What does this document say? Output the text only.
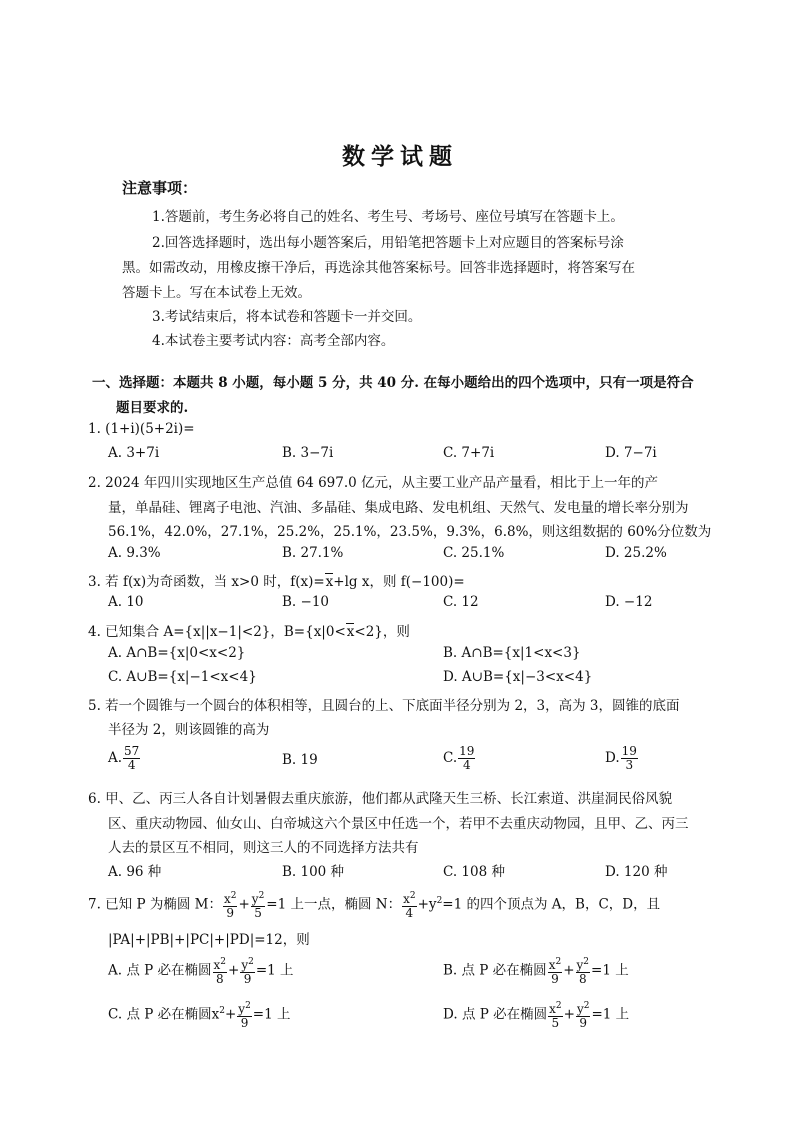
数学试题
注意事项：
1.答题前，考生务必将自己的姓名、考生号、考场号、座位号填写在答题卡上。
2.回答选择题时，选出每小题答案后，用铅笔把答题卡上对应题目的答案标号涂
黑。如需改动，用橡皮擦干净后，再选涂其他答案标号。回答非选择题时，将答案写在
答题卡上。写在本试卷上无效。
3.考试结束后，将本试卷和答题卡一并交回。
4.本试卷主要考试内容：高考全部内容。
一、选择题：本题共 8 小题，每小题 5 分，共 40 分. 在每小题给出的四个选项中，只有一项是符合
题目要求的.
1. (1+i)(5+2i)=
A. 3+7i	B. 3−7i	C. 7+7i	D. 7−7i
2. 2024 年四川实现地区生产总值 64 697.0 亿元，从主要工业产品产量看，相比于上一年的产
量，单晶硅、锂离子电池、汽油、多晶硅、集成电路、发电机组、天然气、发电量的增长率分别为
56.1%，42.0%，27.1%，25.2%，25.1%，23.5%，9.3%，6.8%，则这组数据的 60%分位数为
A. 9.3%	B. 27.1%	C. 25.1%	D. 25.2%
3. 若 f(x)为奇函数，当 x>0 时，f(x)=x+lg x，则 f(−100)=
A. 10	B. −10	C. 12	D. −12
4. 已知集合 A={x||x−1|<2}，B={x|0<x<2}，则
A. A∩B={x|0<x<2}	B. A∩B={x|1<x<3}
C. A∪B={x|−1<x<4}	D. A∪B={x|−3<x<4}
5. 若一个圆锥与一个圆台的体积相等，且圆台的上、下底面半径分别为 2，3，高为 3，圆锥的底面
半径为 2，则该圆锥的高为
A. $\frac{57}{4}$	B. 19	C. $\frac{19}{4}$	D. $\frac{19}{3}$
6. 甲、乙、丙三人各自计划暑假去重庆旅游，他们都从武隆天生三桥、长江索道、洪崖洞民俗风貌
区、重庆动物园、仙女山、白帝城这六个景区中任选一个，若甲不去重庆动物园，且甲、乙、丙三
人去的景区互不相同，则这三人的不同选择方法共有
A. 96 种	B. 100 种	C. 108 种	D. 120 种
7. 已知 P 为椭圆 M： $\frac{x^2}{9} + \frac{y^2}{5} =1$ 上一点，椭圆 N： $\frac{x^2}{4} +y^2=1$ 的四个顶点为 A，B，C，D，且
|PA|+|PB|+|PC|+|PD|=12，则
A. 点 P 必在椭圆 $\frac{x^2}{8} + \frac{y^2}{9} =1$ 上	B. 点 P 必在椭圆 $\frac{x^2}{9} + \frac{y^2}{8} =1$ 上
C. 点 P 必在椭圆$x^2+ \frac{y^2}{9} =1$ 上	D. 点 P 必在椭圆 $\frac{x^2}{5} + \frac{y^2}{9} =1$ 上
